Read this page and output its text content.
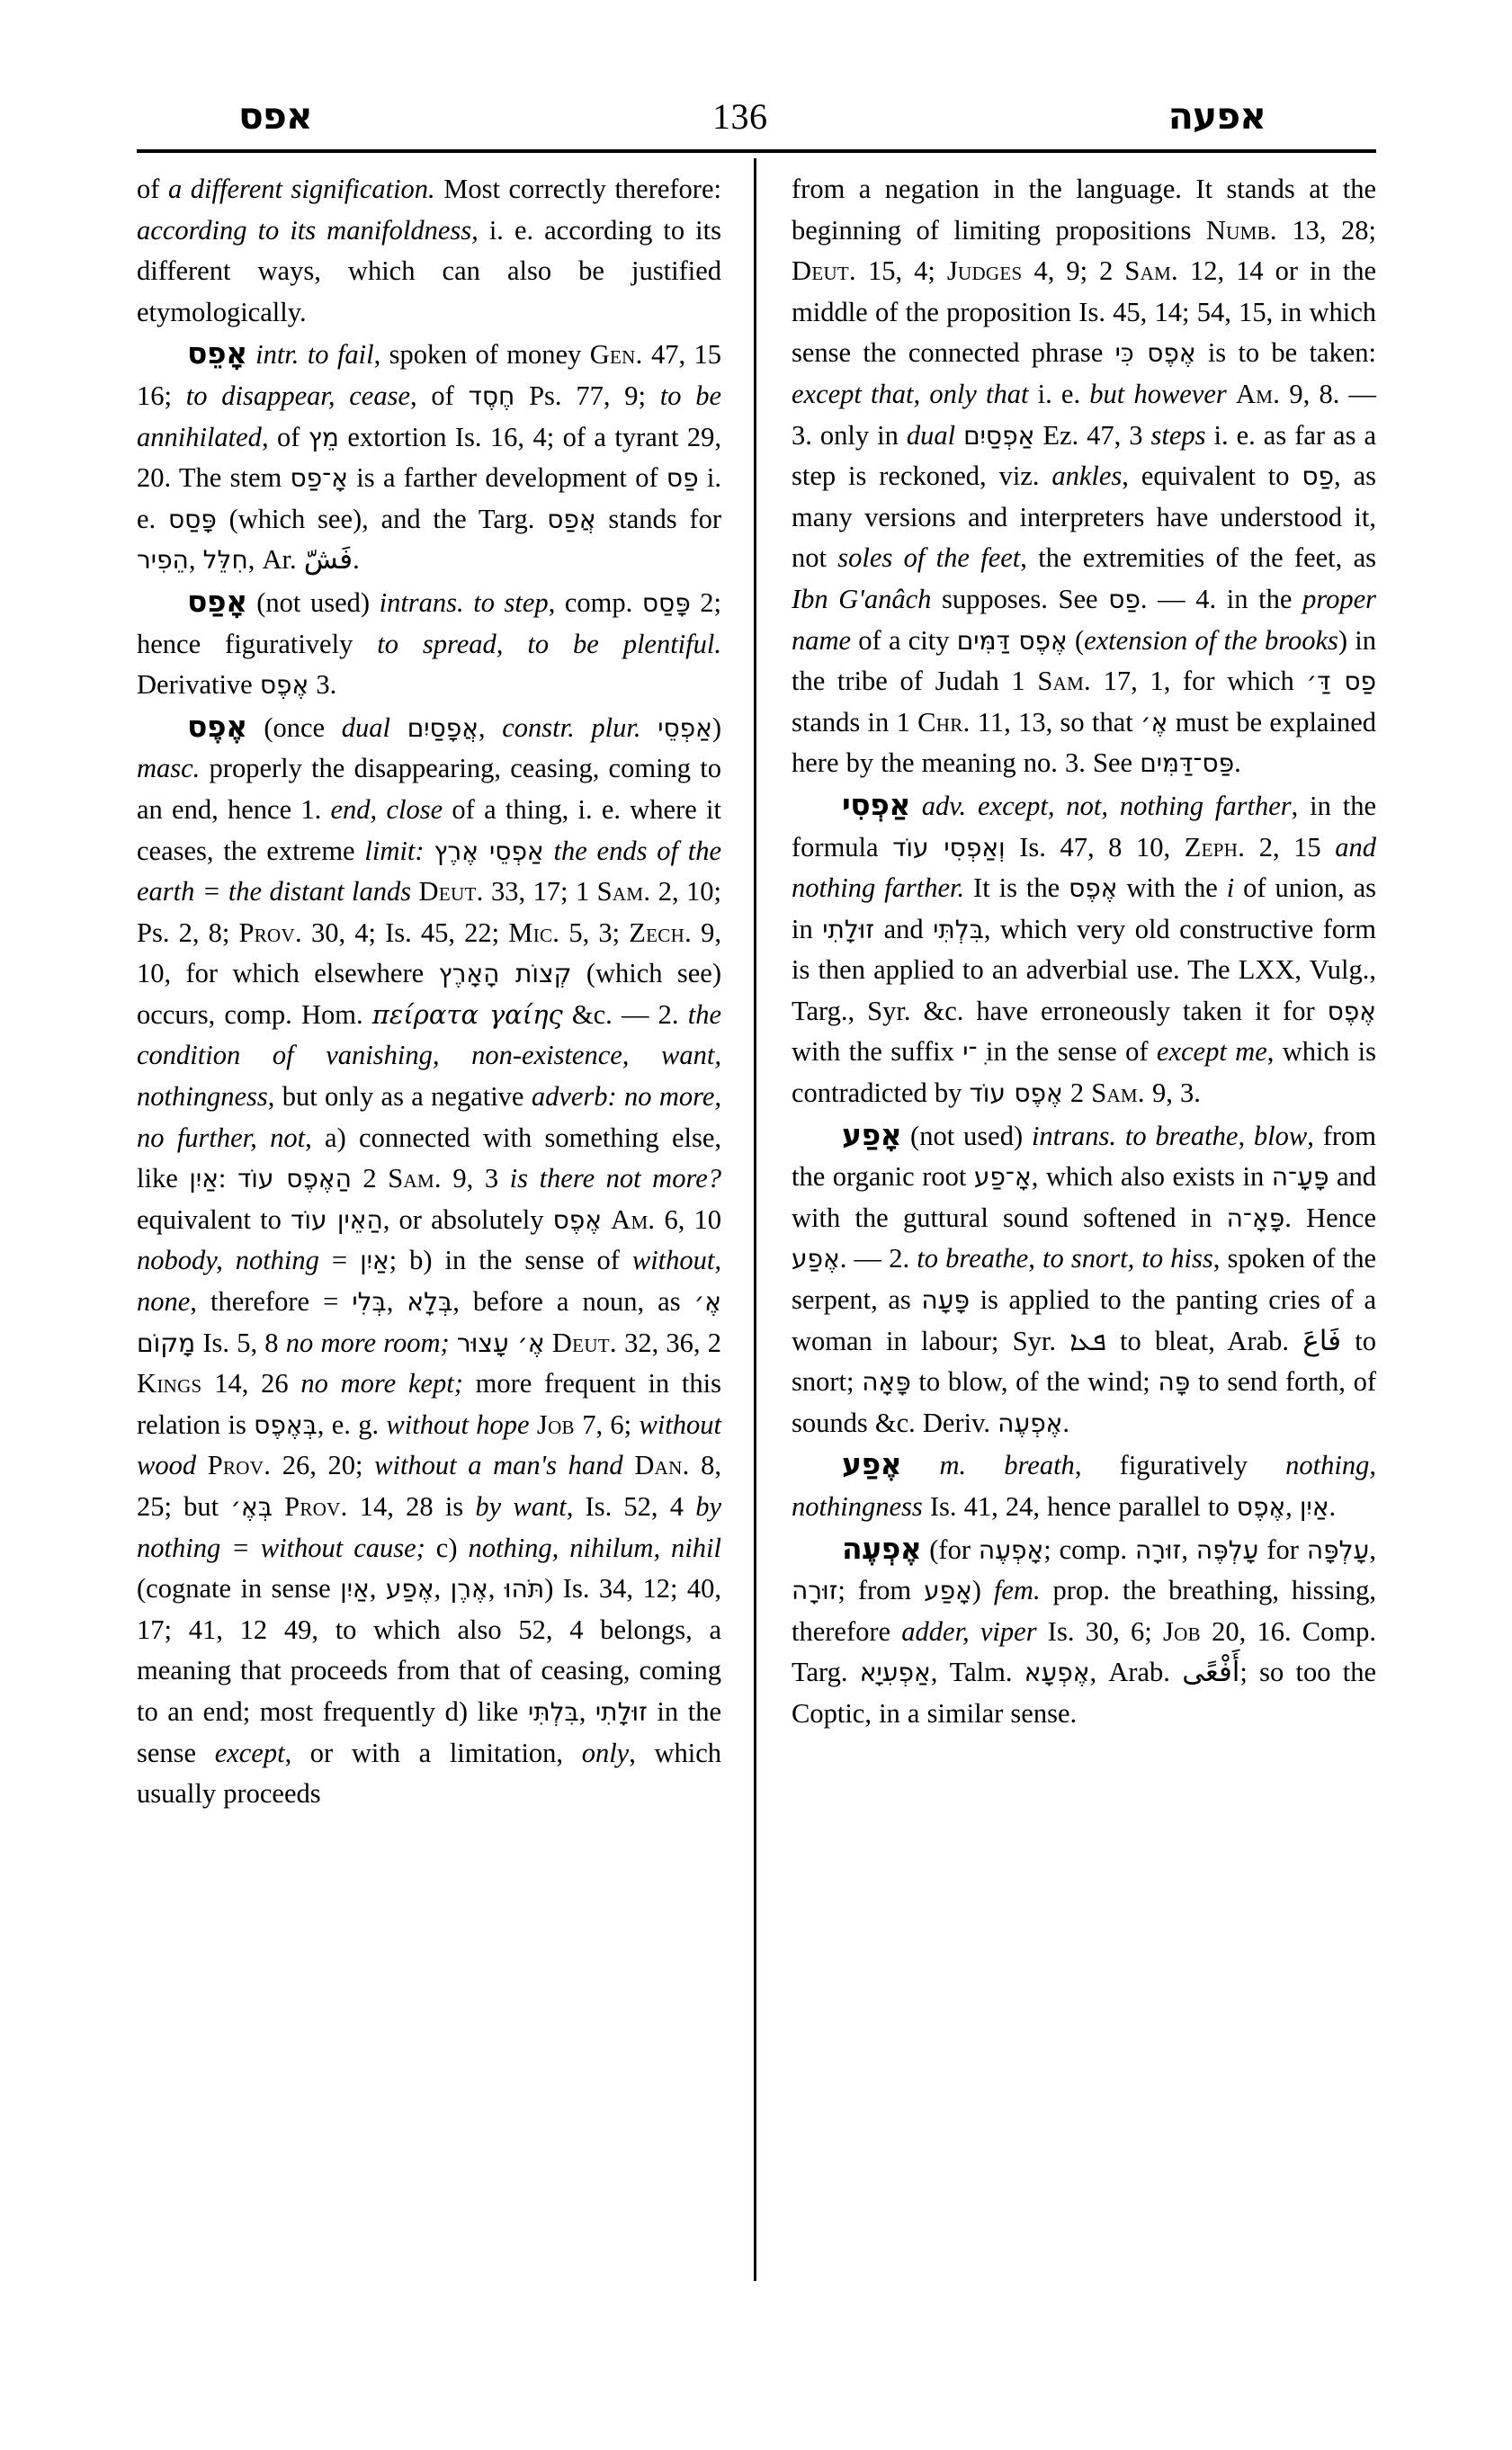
אפס	136	אפעה

of a different signification. Most correctly therefore: according to its manifoldness, i. e. according to its different ways, which can also be justified etymologically.

אָפֵס intr. to fail, spoken of money Gen. 47, 15 16; to disappear, cease, of חֶסֶד Ps. 77, 9; to be annihilated, of מֵץ extortion Is. 16, 4; of a tyrant 29, 20. The stem אָ־פַס is a farther development of פַס i. e. פָּסַס (which see), and the Targ. אֲפַס stands for הֵפִיר, חִלֵּל, Ar. فَشّ.

אָפַס (not used) intrans. to step, comp. פָּסַס 2; hence figuratively to spread, to be plentiful. Derivative אֶפֶס 3.

אֶפֶס (once dual אֲפָסַיִם, constr. plur. אַפְסֵי) masc. properly the disappearing, ceasing, coming to an end, hence 1. end, close of a thing, i. e. where it ceases, the extreme limit: אַפְסֵי אֶרֶץ the ends of the earth = the distant lands Deut. 33, 17; 1 Sam. 2, 10; Ps. 2, 8; Prov. 30, 4; Is. 45, 22; Mic. 5, 3; Zech. 9, 10, for which elsewhere קְצוֹת הָאָרֶץ (which see) occurs, comp. Hom. πείρατα γαίης &c. — 2. the condition of vanishing, non-existence, want, nothingness, but only as a negative adverb: no more, no further, not, a) connected with something else, like אַיִן: הַאֶפֶס עוֹד 2 Sam. 9, 3 is there not more? equivalent to הַאֵין עוֹד, or absolutely אֶפֶס Am. 6, 10 nobody, nothing = אַיִן; b) in the sense of without, none, therefore = בְּלִי, בְּלָא, before a noun, as אֶ׳ מָקוֹם Is. 5, 8 no more room; אֶ׳ עָצוּר Deut. 32, 36, 2 Kings 14, 26 no more kept; more frequent in this relation is בְּאֶפֶס, e. g. without hope Job 7, 6; without wood Prov. 26, 20; without a man's hand Dan. 8, 25; but בְּאֶ׳ Prov. 14, 28 is by want, Is. 52, 4 by nothing = without cause; c) nothing, nihilum, nihil (cognate in sense אַיִן, אֶפַע, אֶרֶן, תֹּהוּ) Is. 34, 12; 40, 17; 41, 12 49, to which also 52, 4 belongs, a meaning that proceeds from that of ceasing, coming to an end; most frequently d) like בִּלְתִּי, זוּלָתִי in the sense except, or with a limitation, only, which usually proceeds

from a negation in the language. It stands at the beginning of limiting propositions Numb. 13, 28; Deut. 15, 4; Judges 4, 9; 2 Sam. 12, 14 or in the middle of the proposition Is. 45, 14; 54, 15, in which sense the connected phrase אֶפֶס כִּי is to be taken: except that, only that i. e. but however Am. 9, 8. — 3. only in dual אַפְסַיִם Ez. 47, 3 steps i. e. as far as a step is reckoned, viz. ankles, equivalent to פַס, as many versions and interpreters have understood it, not soles of the feet, the extremities of the feet, as Ibn G'anâch supposes. See פַס. — 4. in the proper name of a city אֶפֶס דַּמִּים (extension of the brooks) in the tribe of Judah 1 Sam. 17, 1, for which פַס דַּ׳ stands in 1 Chr. 11, 13, so that אֶ׳ must be explained here by the meaning no. 3. See פַּס־דַּמִּים.

אַפְסִי adv. except, not, nothing farther, in the formula וְאַפְסִי עוֹד Is. 47, 8 10, Zeph. 2, 15 and nothing farther. It is the אֶפֶס with the i of union, as in זוּלָתִי and בִּלְתִּי, which very old constructive form is then applied to an adverbial use. The LXX, Vulg., Targ., Syr. &c. have erroneously taken it for אֶפֶס with the suffix ִ־י in the sense of except me, which is contradicted by אֶפֶס עוֹד 2 Sam. 9, 3.

אָפַע (not used) intrans. to breathe, blow, from the organic root אָ־פַע, which also exists in פָּעָ־ה and with the guttural sound softened in פָּאָ־ה. Hence אֶפַע. — 2. to breathe, to snort, to hiss, spoken of the serpent, as פָּעָה is applied to the panting cries of a woman in labour; Syr. ܦܥܐ to bleat, Arab. فَاعَ to snort; פָּאָה to blow, of the wind; פָּה to send forth, of sounds &c. Deriv. אֶפְעֶה.

אֶפַע m. breath, figuratively nothing, nothingness Is. 41, 24, hence parallel to אֶפֶס, אַיִן.

אֶפְעֶה (for אָפְעֶה; comp. זוּרָה, עָלְפֶּה for עָלְפָּה, זוּרָה; from אָפַע) fem. prop. the breathing, hissing, therefore adder, viper Is. 30, 6; Job 20, 16. Comp. Targ. אַפְעִיָא, Talm. אֶפְעָא, Arab. أَفْعًى; so too the Coptic, in a similar sense.
